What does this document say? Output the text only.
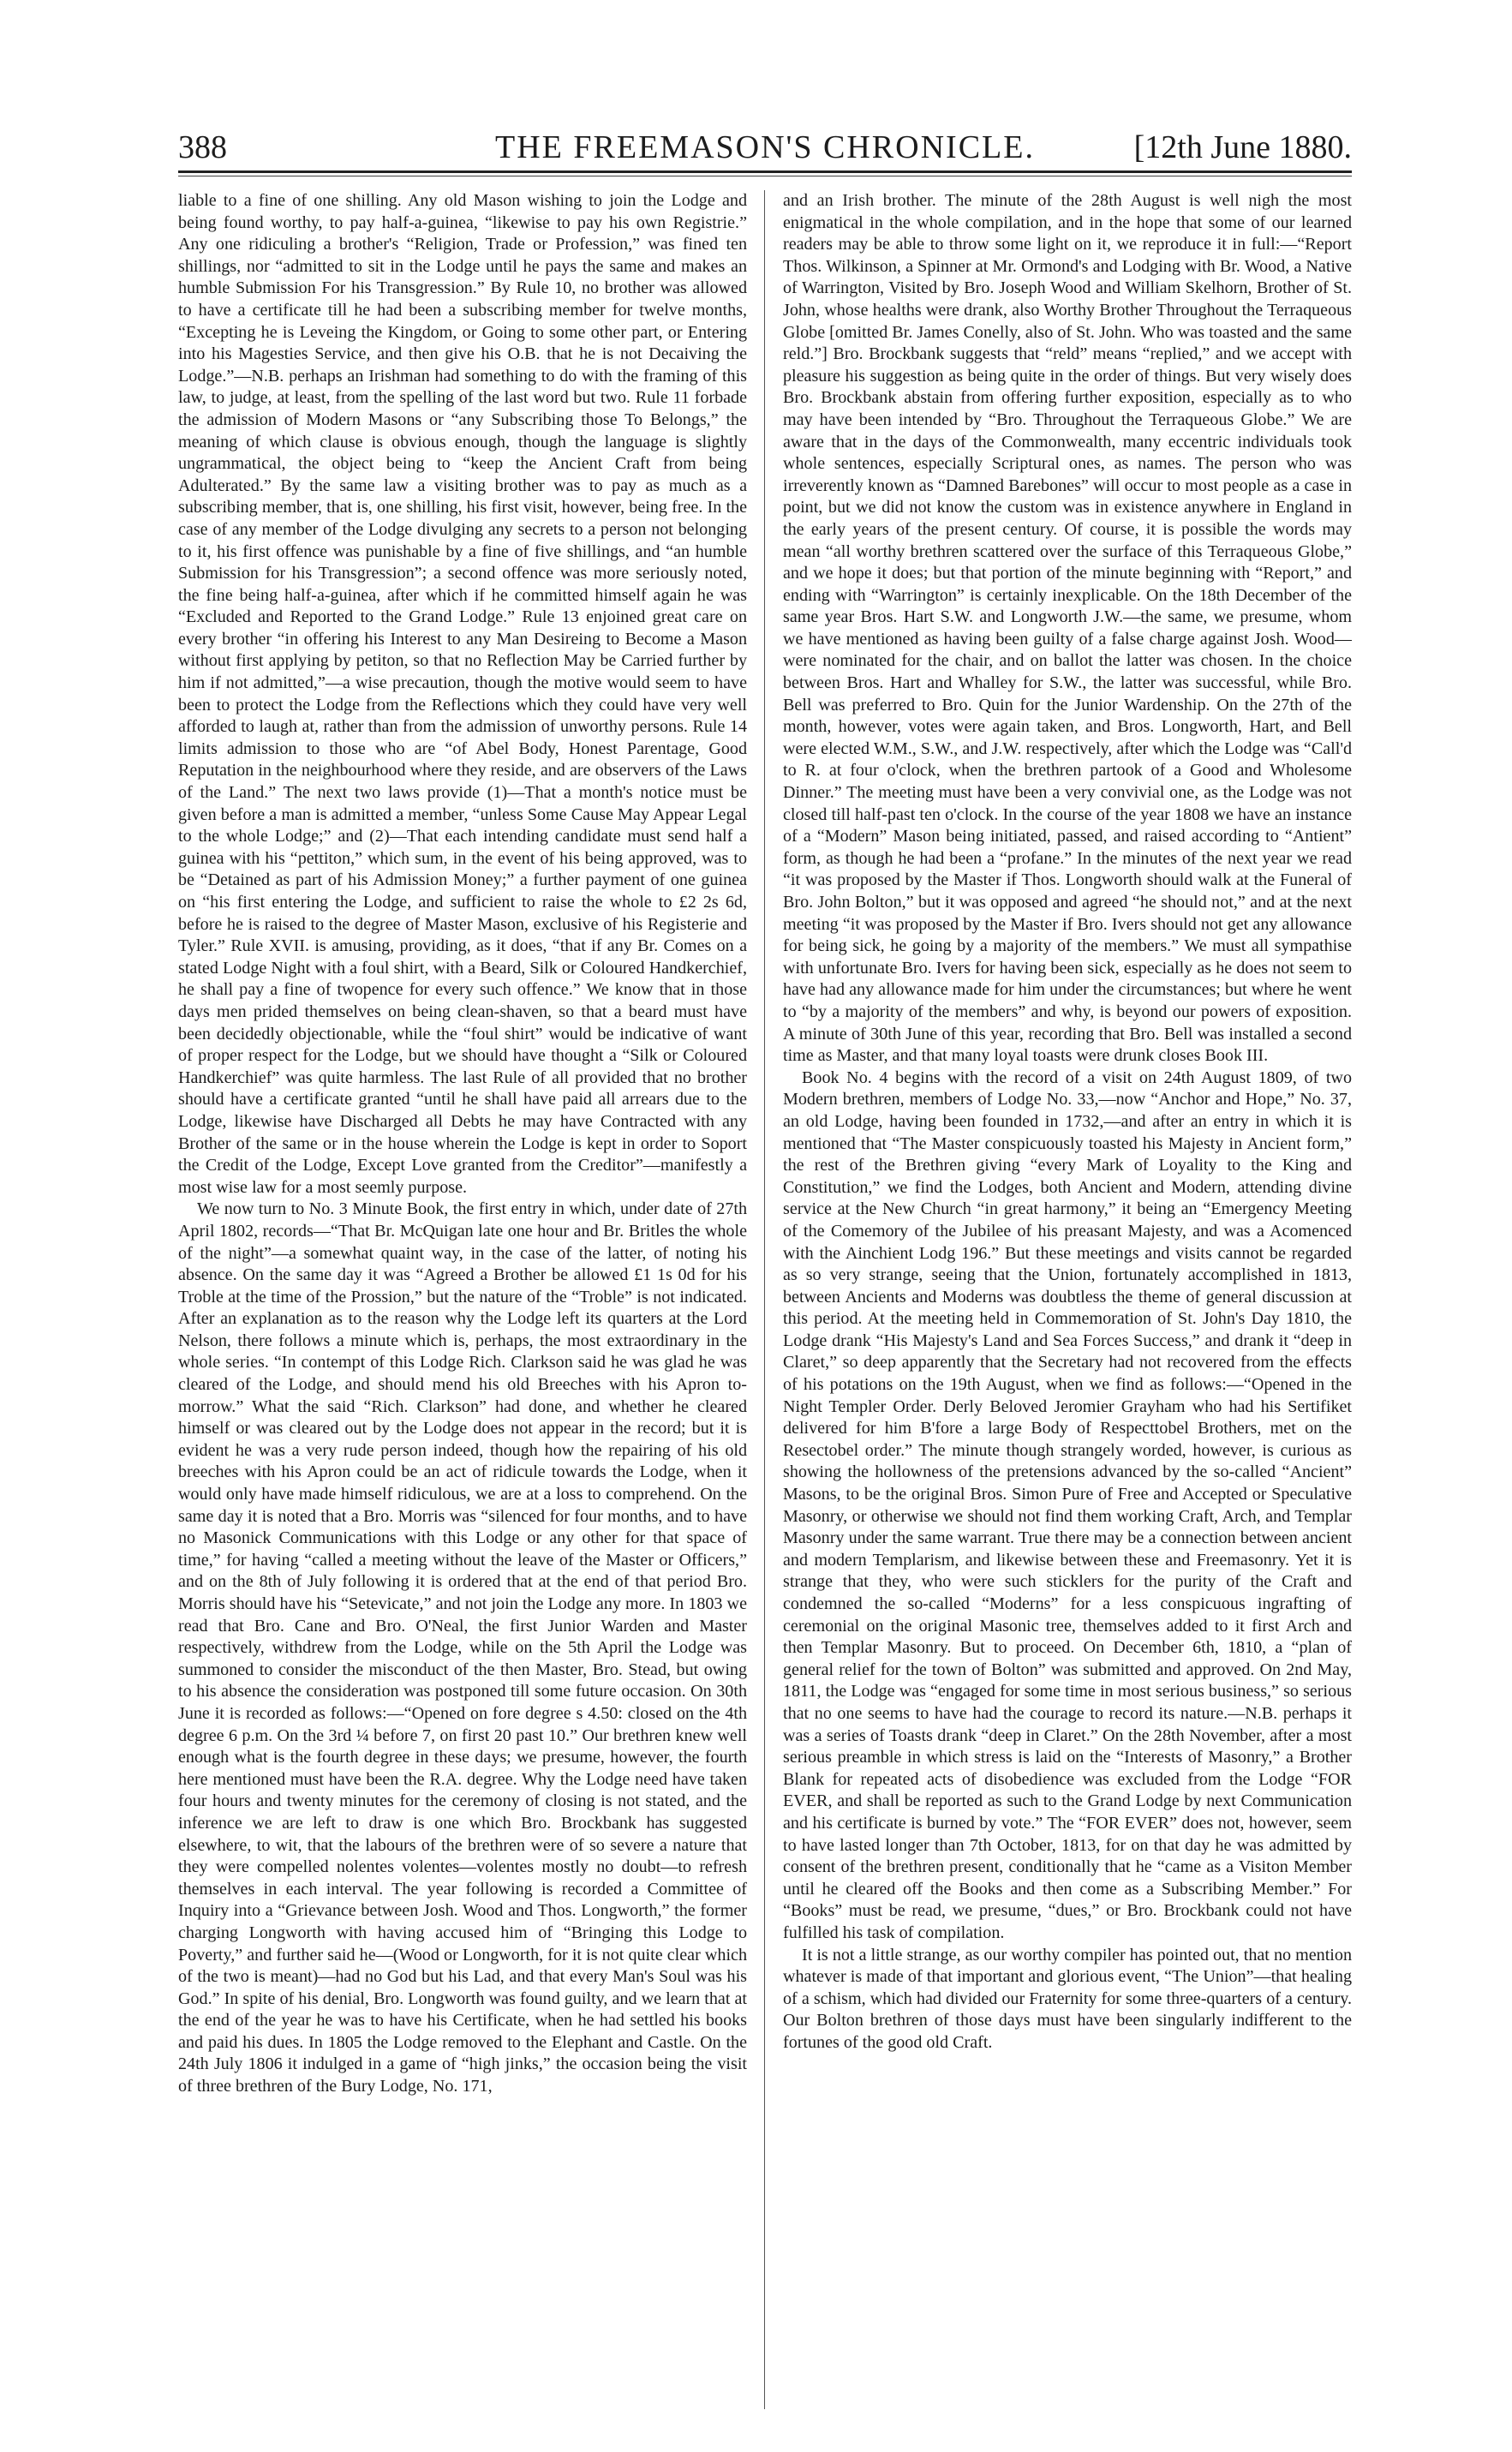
388	THE FREEMASON'S CHRONICLE.	[12th June 1880.

liable to a fine of one shilling. Any old Mason wishing to join the Lodge and being found worthy, to pay half-a-guinea, “likewise to pay his own Registrie.” Any one ridiculing a brother's “Religion, Trade or Profession,” was fined ten shillings, nor “admitted to sit in the Lodge until he pays the same and makes an humble Submission For his Transgression.” By Rule 10, no brother was allowed to have a certificate till he had been a subscribing member for twelve months, “Excepting he is Leveing the Kingdom, or Going to some other part, or Entering into his Magesties Service, and then give his O.B. that he is not Decaiving the Lodge.”—N.B. perhaps an Irishman had something to do with the framing of this law, to judge, at least, from the spelling of the last word but two. Rule 11 forbade the admission of Modern Masons or “any Subscribing those To Belongs,” the meaning of which clause is obvious enough, though the language is slightly ungrammatical, the object being to “keep the Ancient Craft from being Adulterated.” By the same law a visiting brother was to pay as much as a subscribing member, that is, one shilling, his first visit, however, being free. In the case of any member of the Lodge divulging any secrets to a person not belonging to it, his first offence was punishable by a fine of five shillings, and “an humble Submission for his Transgression”; a second offence was more seriously noted, the fine being half-a-guinea, after which if he committed himself again he was “Excluded and Reported to the Grand Lodge.” Rule 13 enjoined great care on every brother “in offering his Interest to any Man Desireing to Become a Mason without first applying by petiton, so that no Reflection May be Carried further by him if not admitted,”—a wise precaution, though the motive would seem to have been to protect the Lodge from the Reflections which they could have very well afforded to laugh at, rather than from the admission of unworthy persons. Rule 14 limits admission to those who are “of Abel Body, Honest Parentage, Good Reputation in the neighbourhood where they reside, and are observers of the Laws of the Land.” The next two laws provide (1)—That a month's notice must be given before a man is admitted a member, “unless Some Cause May Appear Legal to the whole Lodge;” and (2)—That each intending candidate must send half a guinea with his “pettiton,” which sum, in the event of his being approved, was to be “Detained as part of his Admission Money;” a further payment of one guinea on “his first entering the Lodge, and sufficient to raise the whole to £2 2s 6d, before he is raised to the degree of Master Mason, exclusive of his Registerie and Tyler.” Rule XVII. is amusing, providing, as it does, “that if any Br. Comes on a stated Lodge Night with a foul shirt, with a Beard, Silk or Coloured Handkerchief, he shall pay a fine of twopence for every such offence.” We know that in those days men prided themselves on being clean-shaven, so that a beard must have been decidedly objectionable, while the “foul shirt” would be indicative of want of proper respect for the Lodge, but we should have thought a “Silk or Coloured Handkerchief” was quite harmless. The last Rule of all provided that no brother should have a certificate granted “until he shall have paid all arrears due to the Lodge, likewise have Discharged all Debts he may have Contracted with any Brother of the same or in the house wherein the Lodge is kept in order to Soport the Credit of the Lodge, Except Love granted from the Creditor”—manifestly a most wise law for a most seemly purpose.

We now turn to No. 3 Minute Book, the first entry in which, under date of 27th April 1802, records—“That Br. McQuigan late one hour and Br. Britles the whole of the night”—a somewhat quaint way, in the case of the latter, of noting his absence. On the same day it was “Agreed a Brother be allowed £1 1s 0d for his Troble at the time of the Prossion,” but the nature of the “Troble” is not indicated. After an explanation as to the reason why the Lodge left its quarters at the Lord Nelson, there follows a minute which is, perhaps, the most extraordinary in the whole series. “In contempt of this Lodge Rich. Clarkson said he was glad he was cleared of the Lodge, and should mend his old Breeches with his Apron to-morrow.” What the said “Rich. Clarkson” had done, and whether he cleared himself or was cleared out by the Lodge does not appear in the record; but it is evident he was a very rude person indeed, though how the repairing of his old breeches with his Apron could be an act of ridicule towards the Lodge, when it would only have made himself ridiculous, we are at a loss to comprehend. On the same day it is noted that a Bro. Morris was “silenced for four months, and to have no Masonick Communications with this Lodge or any other for that space of time,” for having “called a meeting without the leave of the Master or Officers,” and on the 8th of July following it is ordered that at the end of that period Bro. Morris should have his “Setevicate,” and not join the Lodge any more. In 1803 we read that Bro. Cane and Bro. O'Neal, the first Junior Warden and Master respectively, withdrew from the Lodge, while on the 5th April the Lodge was summoned to consider the misconduct of the then Master, Bro. Stead, but owing to his absence the consideration was postponed till some future occasion. On 30th June it is recorded as follows:—“Opened on fore degree s 4.50: closed on the 4th degree 6 p.m. On the 3rd ¼ before 7, on first 20 past 10.” Our brethren knew well enough what is the fourth degree in these days; we presume, however, the fourth here mentioned must have been the R.A. degree. Why the Lodge need have taken four hours and twenty minutes for the ceremony of closing is not stated, and the inference we are left to draw is one which Bro. Brockbank has suggested elsewhere, to wit, that the labours of the brethren were of so severe a nature that they were compelled nolentes volentes—volentes mostly no doubt—to refresh themselves in each interval. The year following is recorded a Committee of Inquiry into a “Grievance between Josh. Wood and Thos. Longworth,” the former charging Longworth with having accused him of “Bringing this Lodge to Poverty,” and further said he—(Wood or Longworth, for it is not quite clear which of the two is meant)—had no God but his Lad, and that every Man's Soul was his God.” In spite of his denial, Bro. Longworth was found guilty, and we learn that at the end of the year he was to have his Certificate, when he had settled his books and paid his dues. In 1805 the Lodge removed to the Elephant and Castle. On the 24th July 1806 it indulged in a game of “high jinks,” the occasion being the visit of three brethren of the Bury Lodge, No. 171,

and an Irish brother. The minute of the 28th August is well nigh the most enigmatical in the whole compilation, and in the hope that some of our learned readers may be able to throw some light on it, we reproduce it in full:—“Report Thos. Wilkinson, a Spinner at Mr. Ormond's and Lodging with Br. Wood, a Native of Warrington, Visited by Bro. Joseph Wood and William Skelhorn, Brother of St. John, whose healths were drank, also Worthy Brother Throughout the Terraqueous Globe [omitted Br. James Conelly, also of St. John. Who was toasted and the same reld.”] Bro. Brockbank suggests that “reld” means “replied,” and we accept with pleasure his suggestion as being quite in the order of things. But very wisely does Bro. Brockbank abstain from offering further exposition, especially as to who may have been intended by “Bro. Throughout the Terraqueous Globe.” We are aware that in the days of the Commonwealth, many eccentric individuals took whole sentences, especially Scriptural ones, as names. The person who was irreverently known as “Damned Barebones” will occur to most people as a case in point, but we did not know the custom was in existence anywhere in England in the early years of the present century. Of course, it is possible the words may mean “all worthy brethren scattered over the surface of this Terraqueous Globe,” and we hope it does; but that portion of the minute beginning with “Report,” and ending with “Warrington” is certainly inexplicable. On the 18th December of the same year Bros. Hart S.W. and Longworth J.W.—the same, we presume, whom we have mentioned as having been guilty of a false charge against Josh. Wood—were nominated for the chair, and on ballot the latter was chosen. In the choice between Bros. Hart and Whalley for S.W., the latter was successful, while Bro. Bell was preferred to Bro. Quin for the Junior Wardenship. On the 27th of the month, however, votes were again taken, and Bros. Longworth, Hart, and Bell were elected W.M., S.W., and J.W. respectively, after which the Lodge was “Call'd to R. at four o'clock, when the brethren partook of a Good and Wholesome Dinner.” The meeting must have been a very convivial one, as the Lodge was not closed till half-past ten o'clock. In the course of the year 1808 we have an instance of a “Modern” Mason being initiated, passed, and raised according to “Antient” form, as though he had been a “profane.” In the minutes of the next year we read “it was proposed by the Master if Thos. Longworth should walk at the Funeral of Bro. John Bolton,” but it was opposed and agreed “he should not,” and at the next meeting “it was proposed by the Master if Bro. Ivers should not get any allowance for being sick, he going by a majority of the members.” We must all sympathise with unfortunate Bro. Ivers for having been sick, especially as he does not seem to have had any allowance made for him under the circumstances; but where he went to “by a majority of the members” and why, is beyond our powers of exposition. A minute of 30th June of this year, recording that Bro. Bell was installed a second time as Master, and that many loyal toasts were drunk closes Book III.

Book No. 4 begins with the record of a visit on 24th August 1809, of two Modern brethren, members of Lodge No. 33,—now “Anchor and Hope,” No. 37, an old Lodge, having been founded in 1732,—and after an entry in which it is mentioned that “The Master conspicuously toasted his Majesty in Ancient form,” the rest of the Brethren giving “every Mark of Loyality to the King and Constitution,” we find the Lodges, both Ancient and Modern, attending divine service at the New Church “in great harmony,” it being an “Emergency Meeting of the Comemory of the Jubilee of his preasant Majesty, and was a Acomenced with the Ainchient Lodg 196.” But these meetings and visits cannot be regarded as so very strange, seeing that the Union, fortunately accomplished in 1813, between Ancients and Moderns was doubtless the theme of general discussion at this period. At the meeting held in Commemoration of St. John's Day 1810, the Lodge drank “His Majesty's Land and Sea Forces Success,” and drank it “deep in Claret,” so deep apparently that the Secretary had not recovered from the effects of his potations on the 19th August, when we find as follows:—“Opened in the Night Templer Order. Derly Beloved Jeromier Grayham who had his Sertifiket delivered for him B'fore a large Body of Respecttobel Brothers, met on the Resectobel order.” The minute though strangely worded, however, is curious as showing the hollowness of the pretensions advanced by the so-called “Ancient” Masons, to be the original Bros. Simon Pure of Free and Accepted or Speculative Masonry, or otherwise we should not find them working Craft, Arch, and Templar Masonry under the same warrant. True there may be a connection between ancient and modern Templarism, and likewise between these and Freemasonry. Yet it is strange that they, who were such sticklers for the purity of the Craft and condemned the so-called “Moderns” for a less conspicuous ingrafting of ceremonial on the original Masonic tree, themselves added to it first Arch and then Templar Masonry. But to proceed. On December 6th, 1810, a “plan of general relief for the town of Bolton” was submitted and approved. On 2nd May, 1811, the Lodge was “engaged for some time in most serious business,” so serious that no one seems to have had the courage to record its nature.—N.B. perhaps it was a series of Toasts drank “deep in Claret.” On the 28th November, after a most serious preamble in which stress is laid on the “Interests of Masonry,” a Brother Blank for repeated acts of disobedience was excluded from the Lodge “FOR EVER, and shall be reported as such to the Grand Lodge by next Communication and his certificate is burned by vote.” The “FOR EVER” does not, however, seem to have lasted longer than 7th October, 1813, for on that day he was admitted by consent of the brethren present, conditionally that he “came as a Visiton Member until he cleared off the Books and then come as a Subscribing Member.” For “Books” must be read, we presume, “dues,” or Bro. Brockbank could not have fulfilled his task of compilation.

It is not a little strange, as our worthy compiler has pointed out, that no mention whatever is made of that important and glorious event, “The Union”—that healing of a schism, which had divided our Fraternity for some three-quarters of a century. Our Bolton brethren of those days must have been singularly indifferent to the fortunes of the good old Craft.
